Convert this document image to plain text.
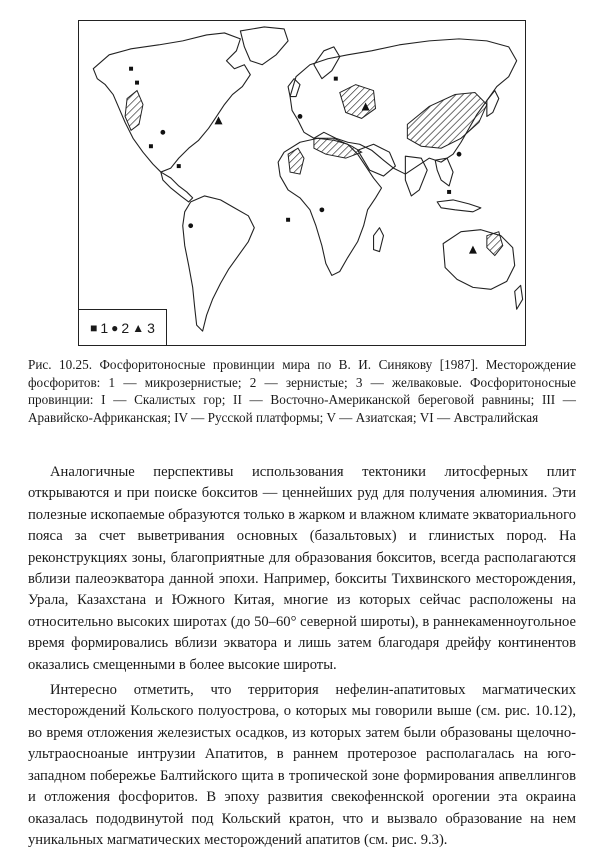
■ 1 ● 2 ▲ 3
Рис. 10.25. Фосфоритоносные провинции мира по В. И. Синякову [1987]. Месторождение фосфоритов: 1 — микрозернистые; 2 — зернистые; 3 — желваковые. Фосфоритоносные провинции: I — Скалистых гор; II — Восточно-Американской береговой равнины; III — Аравийско-Африканская; IV — Русской платформы; V — Азиатская; VI — Австралийская

Аналогичные перспективы использования тектоники литосферных плит открываются и при поиске бокситов — ценнейших руд для получения алюминия. Эти полезные ископаемые образуются только в жарком и влажном климате экваториального пояса за счет выветривания основных (базальтовых) и глинистых пород. На реконструкциях зоны, благоприятные для образования бокситов, всегда располагаются вблизи палеоэкватора данной эпохи. Например, бокситы Тихвинского месторождения, Урала, Казахстана и Южного Китая, многие из которых сейчас расположены на относительно высоких широтах (до 50–60° северной широты), в раннекаменноугольное время формировались вблизи экватора и лишь затем благодаря дрейфу континентов оказались смещенными в более высокие широты.

Интересно отметить, что территория нефелин-апатитовых магматических месторождений Кольского полуострова, о которых мы говорили выше (см. рис. 10.12), во время отложения железистых осадков, из которых затем были образованы щелочно-ультраосноаные интрузии Апатитов, в раннем протерозое располагалась на юго-западном побережье Балтийского щита в тропической зоне формирования апвеллингов и отложения фосфоритов. В эпоху развития свекофеннской орогении эта окраина оказалась пододвинутой под Кольский кратон, что и вызвало образование на нем уникальных магматических месторождений апатитов (см. рис. 9.3).
